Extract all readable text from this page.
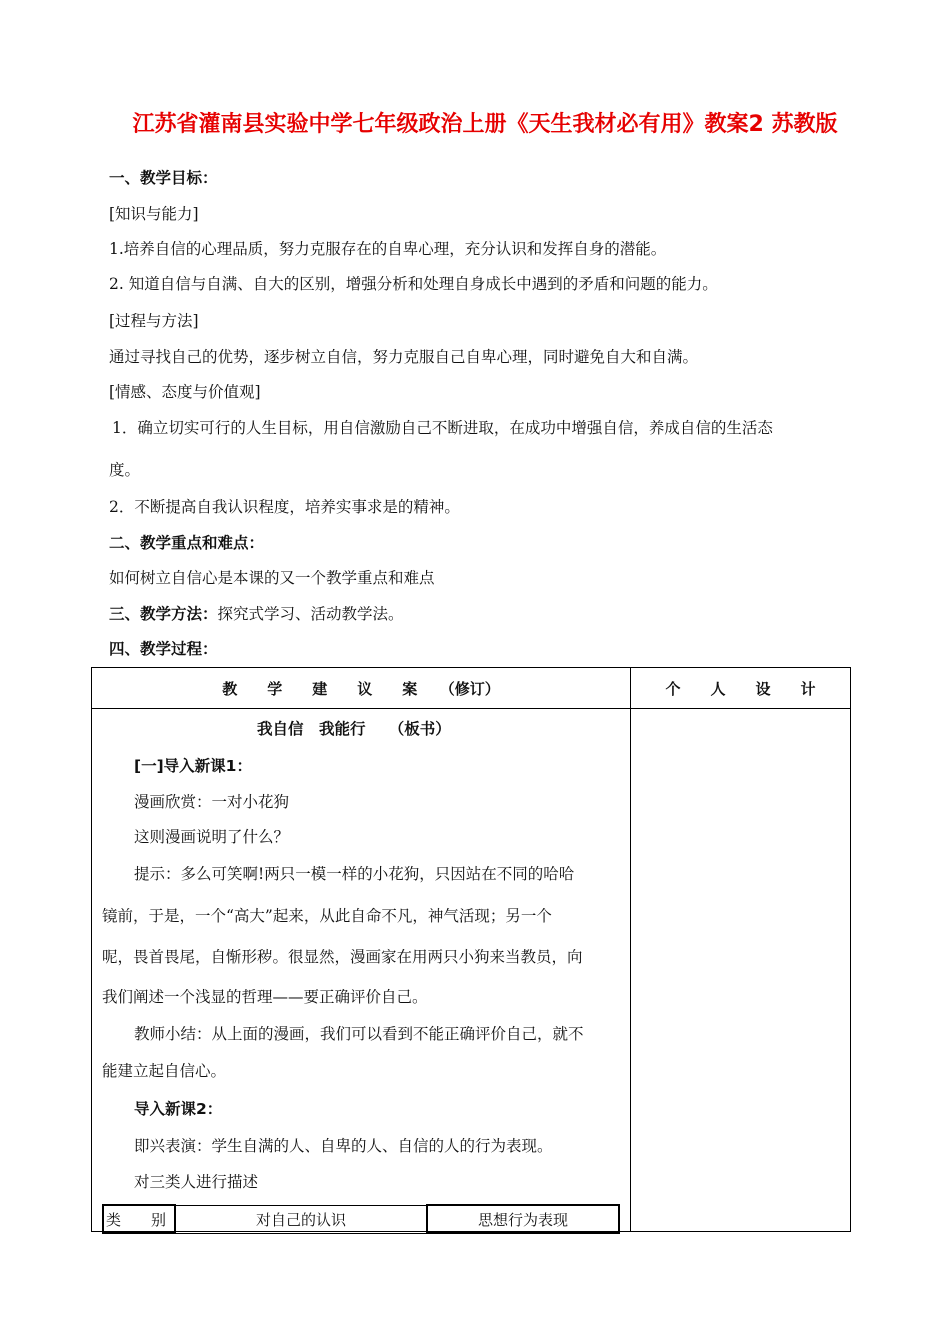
江苏省灌南县实验中学七年级政治上册《天生我材必有用》教案2 苏教版
一、教学目标：
[知识与能力]
1.培养自信的心理品质，努力克服存在的自卑心理，充分认识和发挥自身的潜能。
2. 知道自信与自满、自大的区别，增强分析和处理自身成长中遇到的矛盾和问题的能力。
[过程与方法]
通过寻找自己的优势，逐步树立自信，努力克服自己自卑心理，同时避免自大和自满。
[情感、态度与价值观]
1．确立切实可行的人生目标，用自信激励自己不断进取，在成功中增强自信，养成自信的生活态
度。
2．不断提高自我认识程度，培养实事求是的精神。
二、教学重点和难点：
如何树立自信心是本课的又一个教学重点和难点
三、教学方法：探究式学习、活动教学法。
四、教学过程：
教　　学　　建　　议　　案　　（修订）	个　　人　　设　　计

我自信　我能行　　（板书）
[一]导入新课1：
漫画欣赏：一对小花狗
这则漫画说明了什么？
提示：多么可笑啊!两只一模一样的小花狗，只因站在不同的哈哈
镜前，于是，一个“高大”起来，从此自命不凡，神气活现；另一个
呢，畏首畏尾，自惭形秽。很显然，漫画家在用两只小狗来当教员，向
我们阐述一个浅显的哲理——要正确评价自己。
教师小结：从上面的漫画，我们可以看到不能正确评价自己，就不
能建立起自信心。
导入新课2：
即兴表演：学生自满的人、自卑的人、自信的人的行为表现。
对三类人进行描述
类　　别	对自己的认识	思想行为表现
